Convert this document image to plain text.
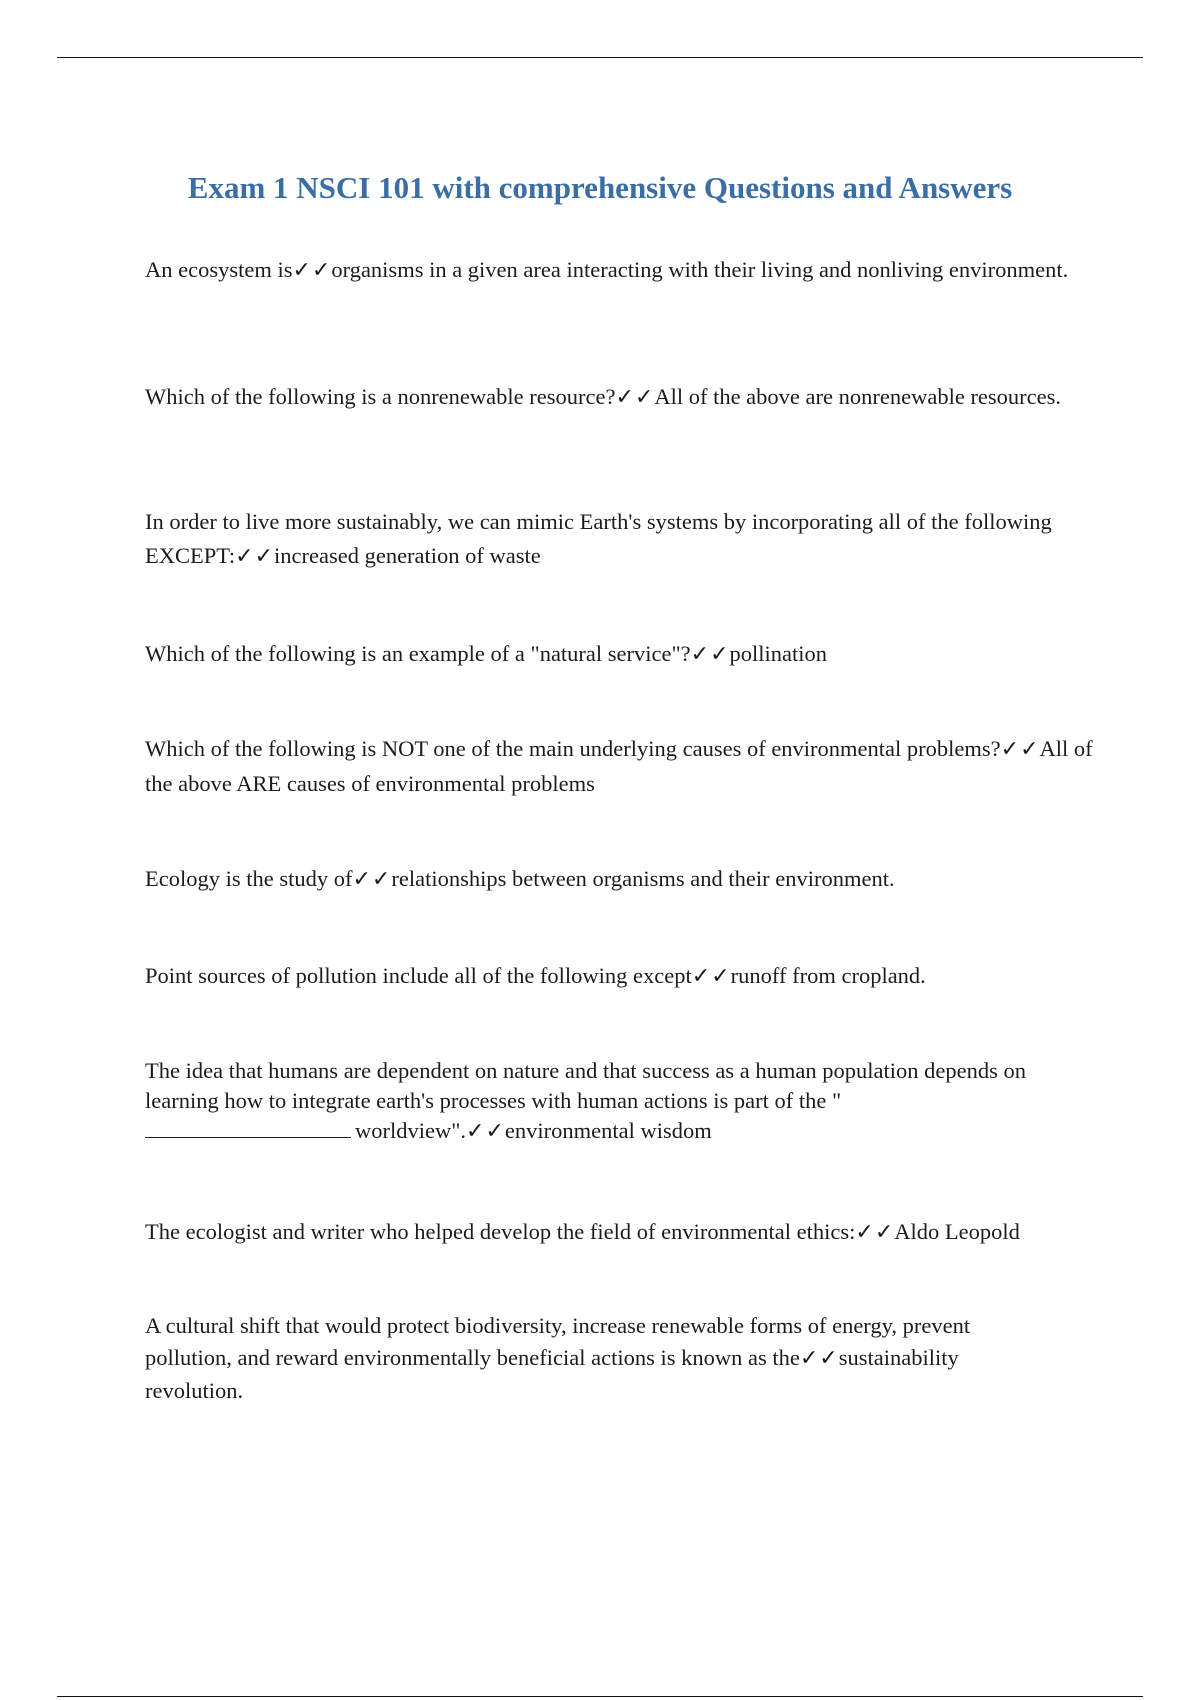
Exam 1 NSCI 101 with comprehensive Questions and Answers
An ecosystem is✓✓organisms in a given area interacting with their living and nonliving environment.
Which of the following is a nonrenewable resource?✓✓All of the above are nonrenewable resources.
In order to live more sustainably, we can mimic Earth's systems by incorporating all of the following EXCEPT:✓✓increased generation of waste
Which of the following is an example of a "natural service"?✓✓pollination
Which of the following is NOT one of the main underlying causes of environmental problems?✓✓All of the above ARE causes of environmental problems
Ecology is the study of✓✓relationships between organisms and their environment.
Point sources of pollution include all of the following except✓✓runoff from cropland.
The idea that humans are dependent on nature and that success as a human population depends on learning how to integrate earth's processes with human actions is part of the "
worldview".✓✓environmental wisdom
The ecologist and writer who helped develop the field of environmental ethics:✓✓Aldo Leopold
A cultural shift that would protect biodiversity, increase renewable forms of energy, prevent pollution, and reward environmentally beneficial actions is known as the✓✓sustainability revolution.
